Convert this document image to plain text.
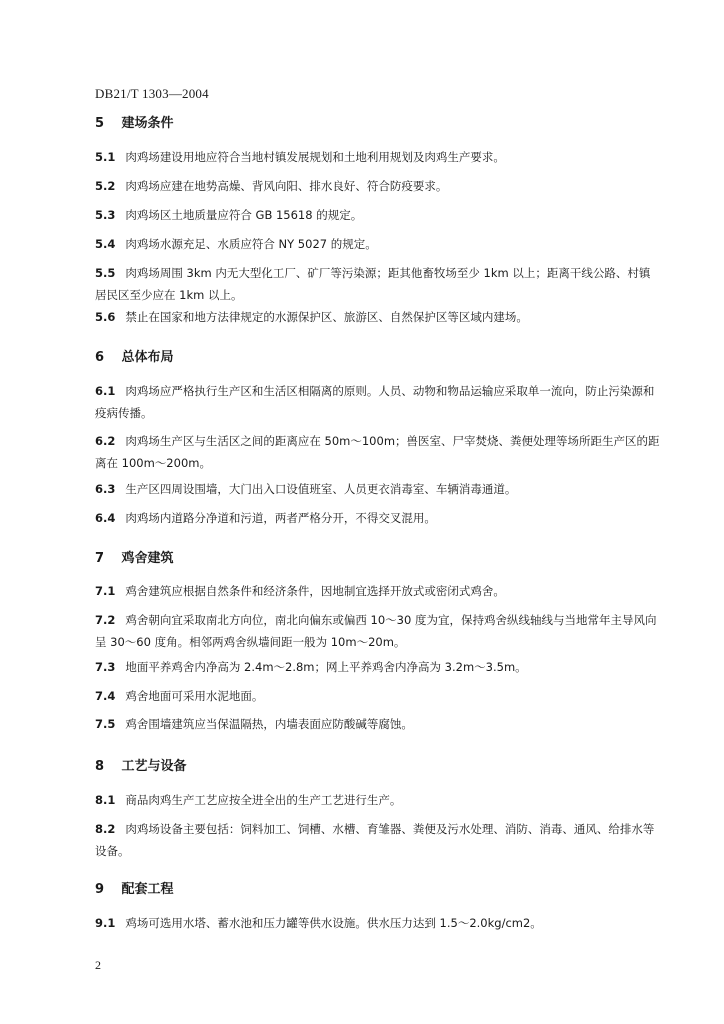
DB21/T 1303—2004
5 建场条件
5.1 肉鸡场建设用地应符合当地村镇发展规划和土地利用规划及肉鸡生产要求。
5.2 肉鸡场应建在地势高燥、背风向阳、排水良好、符合防疫要求。
5.3 肉鸡场区土地质量应符合 GB 15618 的规定。
5.4 肉鸡场水源充足、水质应符合 NY 5027 的规定。
5.5 肉鸡场周围 3km 内无大型化工厂、矿厂等污染源；距其他畜牧场至少 1km 以上；距离干线公路、村镇居民区至少应在 1km 以上。
5.6 禁止在国家和地方法律规定的水源保护区、旅游区、自然保护区等区域内建场。
6 总体布局
6.1 肉鸡场应严格执行生产区和生活区相隔离的原则。人员、动物和物品运输应采取单一流向，防止污染源和疫病传播。
6.2 肉鸡场生产区与生活区之间的距离应在 50m～100m；兽医室、尸宰焚烧、粪便处理等场所距生产区的距离在 100m～200m。
6.3 生产区四周设围墙，大门出入口设值班室、人员更衣消毒室、车辆消毒通道。
6.4 肉鸡场内道路分净道和污道，两者严格分开，不得交叉混用。
7 鸡舍建筑
7.1 鸡舍建筑应根据自然条件和经济条件，因地制宜选择开放式或密闭式鸡舍。
7.2 鸡舍朝向宜采取南北方向位，南北向偏东或偏西 10～30 度为宜，保持鸡舍纵线轴线与当地常年主导风向呈 30～60 度角。相邻两鸡舍纵墙间距一般为 10m～20m。
7.3 地面平养鸡舍内净高为 2.4m～2.8m；网上平养鸡舍内净高为 3.2m～3.5m。
7.4 鸡舍地面可采用水泥地面。
7.5 鸡舍围墙建筑应当保温隔热，内墙表面应防酸碱等腐蚀。
8 工艺与设备
8.1 商品肉鸡生产工艺应按全进全出的生产工艺进行生产。
8.2 肉鸡场设备主要包括：饲料加工、饲槽、水槽、育雏器、粪便及污水处理、消防、消毒、通风、给排水等设备。
9 配套工程
9.1 鸡场可选用水塔、蓄水池和压力罐等供水设施。供水压力达到 1.5～2.0kg/cm2。
2
